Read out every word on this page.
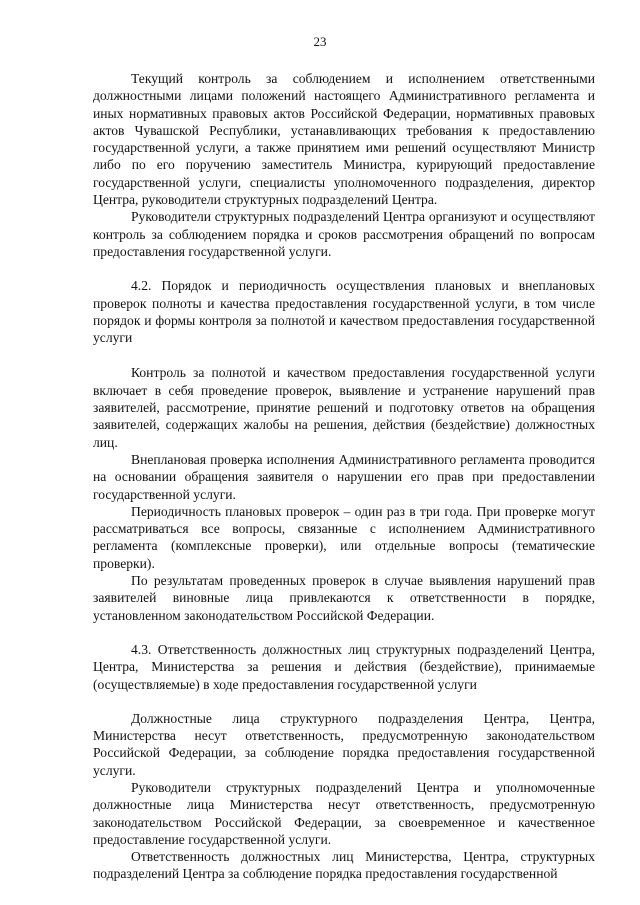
23

Текущий контроль за соблюдением и исполнением ответственными должностными лицами положений настоящего Административного регламента и иных нормативных правовых актов Российской Федерации, нормативных правовых актов Чувашской Республики, устанавливающих требования к предоставлению государственной услуги, а также принятием ими решений осуществляют Министр либо по его поручению заместитель Министра, курирующий предоставление государственной услуги, специалисты уполномоченного подразделения, директор Центра, руководители структурных подразделений Центра.

Руководители структурных подразделений Центра организуют и осуществляют контроль за соблюдением порядка и сроков рассмотрения обращений по вопросам предоставления государственной услуги.

4.2. Порядок и периодичность осуществления плановых и внеплановых проверок полноты и качества предоставления государственной услуги, в том числе порядок и формы контроля за полнотой и качеством предоставления государственной услуги

Контроль за полнотой и качеством предоставления государственной услуги включает в себя проведение проверок, выявление и устранение нарушений прав заявителей, рассмотрение, принятие решений и подготовку ответов на обращения заявителей, содержащих жалобы на решения, действия (бездействие) должностных лиц.

Внеплановая проверка исполнения Административного регламента проводится на основании обращения заявителя о нарушении его прав при предоставлении государственной услуги.

Периодичность плановых проверок – один раз в три года. При проверке могут рассматриваться все вопросы, связанные с исполнением Административного регламента (комплексные проверки), или отдельные вопросы (тематические проверки).

По результатам проведенных проверок в случае выявления нарушений прав заявителей виновные лица привлекаются к ответственности в порядке, установленном законодательством Российской Федерации.

4.3. Ответственность должностных лиц структурных подразделений Центра, Центра, Министерства за решения и действия (бездействие), принимаемые (осуществляемые) в ходе предоставления государственной услуги

Должностные лица структурного подразделения Центра, Центра, Министерства несут ответственность, предусмотренную законодательством Российской Федерации, за соблюдение порядка предоставления государственной услуги.

Руководители структурных подразделений Центра и уполномоченные должностные лица Министерства несут ответственность, предусмотренную законодательством Российской Федерации, за своевременное и качественное предоставление государственной услуги.

Ответственность должностных лиц Министерства, Центра, структурных подразделений Центра за соблюдение порядка предоставления государственной
